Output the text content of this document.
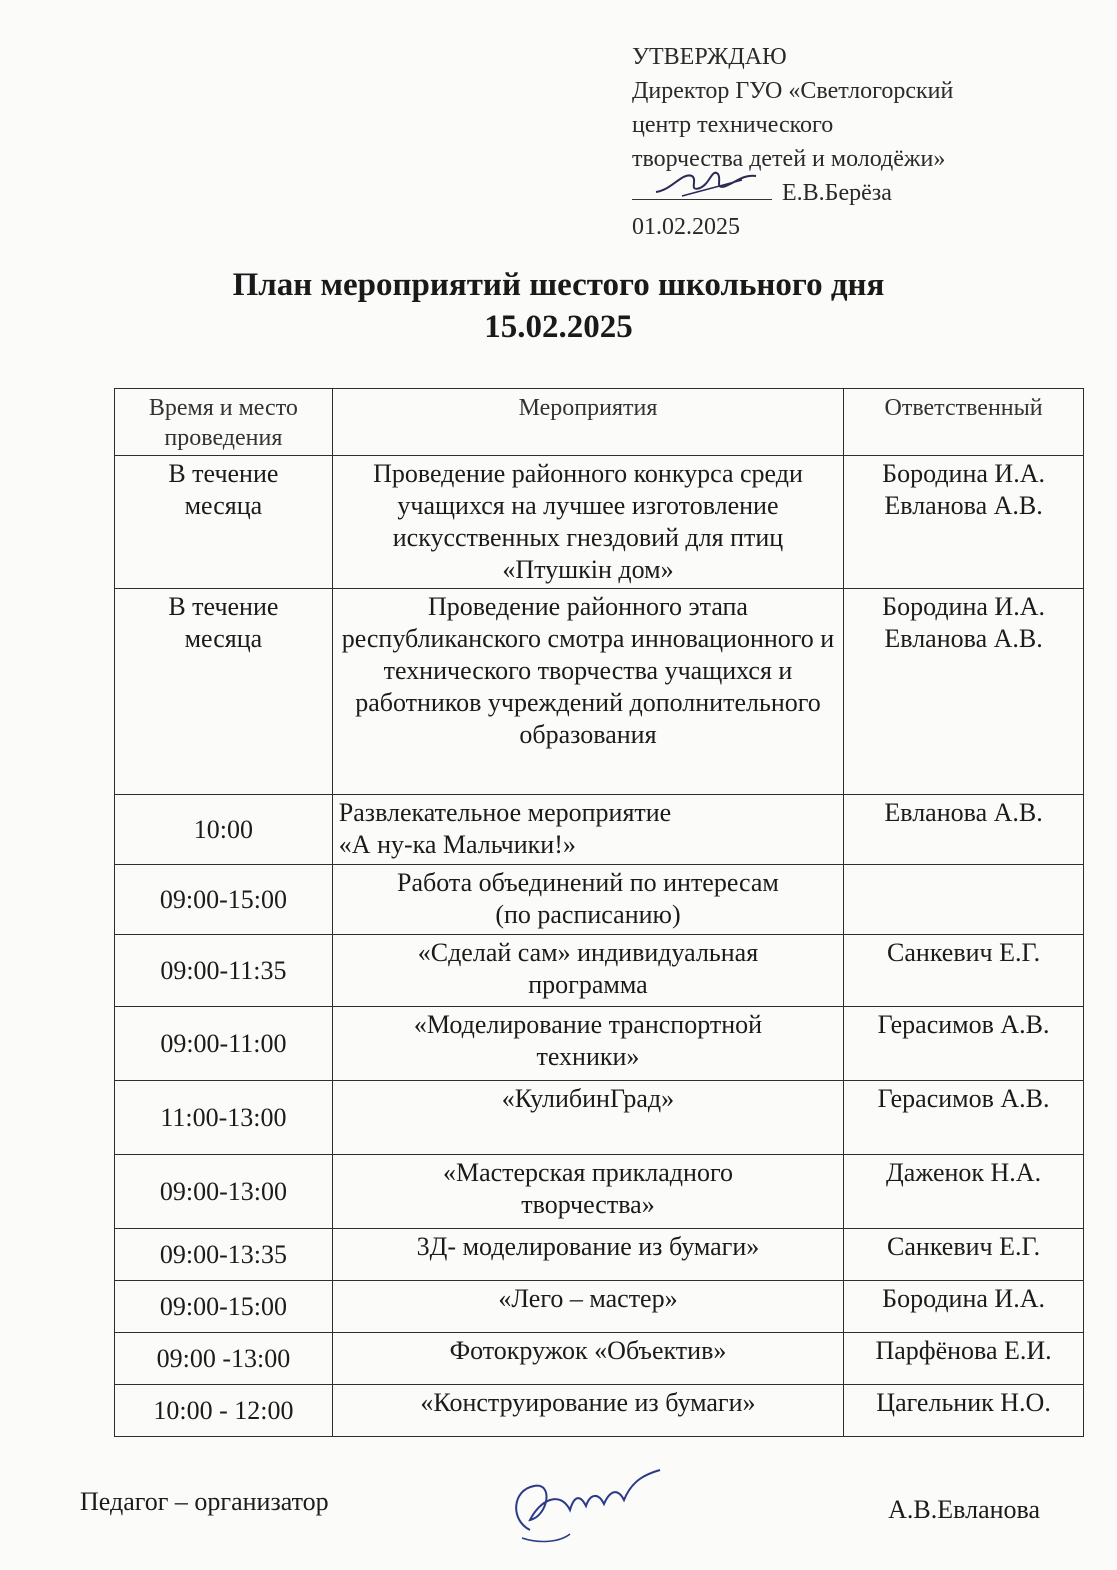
УТВЕРЖДАЮ
Директор ГУО «Светлогорский
центр технического
творчества детей и молодёжи»
Е.В.Берёза
01.02.2025
План мероприятий шестого школьного дня
15.02.2025
Время и место
проведения	Мероприятия	Ответственный
В течение
месяца	Проведение районного конкурса среди учащихся на лучшее изготовление искусственных гнездовий для птиц «Птушкін дом»	Бородина И.А.
Евланова А.В.
В течение
месяца	Проведение районного этапа республиканского смотра инновационного и технического творчества учащихся и работников учреждений дополнительного образования	Бородина И.А.
Евланова А.В.
10:00	Развлекательное мероприятие
«А ну-ка Мальчики!»	Евланова А.В.
09:00-15:00	Работа объединений по интересам
(по расписанию)	
09:00-11:35	«Сделай сам» индивидуальная
программа	Санкевич Е.Г.
09:00-11:00	«Моделирование транспортной
техники»	Герасимов А.В.
11:00-13:00	«КулибинГрад»	Герасимов А.В.
09:00-13:00	«Мастерская прикладного
творчества»	Даженок Н.А.
09:00-13:35	3Д- моделирование из бумаги»	Санкевич Е.Г.
09:00-15:00	«Лего – мастер»	Бородина И.А.
09:00 -13:00	Фотокружок «Объектив»	Парфёнова Е.И.
10:00 - 12:00	«Конструирование из бумаги»	Цагельник Н.О.
Педагог – организатор	А.В.Евланова
